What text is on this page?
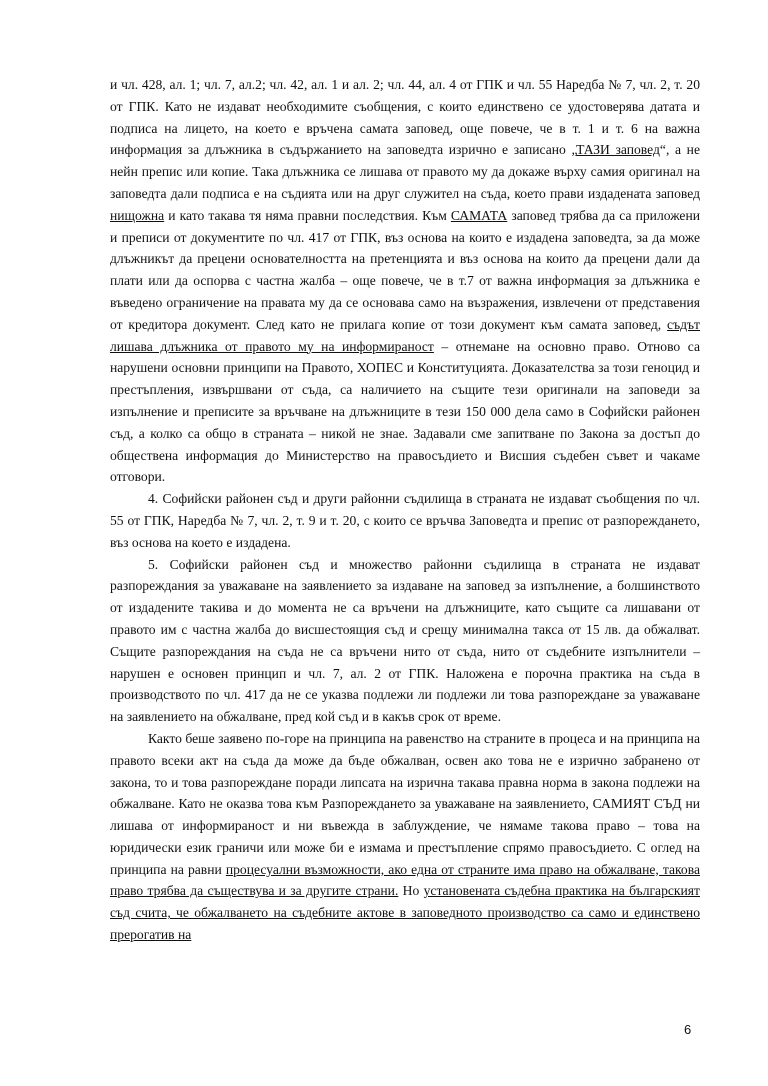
и чл. 428, ал. 1; чл. 7, ал.2; чл. 42, ал. 1 и ал. 2; чл. 44, ал. 4 от ГПК и чл. 55 Наредба № 7, чл. 2, т. 20 от ГПК. Като не издават необходимите съобщения, с които единствено се удостоверява датата и подписа на лицето, на което е връчена самата заповед, още повече, че в т. 1 и т. 6 на важна информация за длъжника в съдържанието на заповедта изрично е записано „ТАЗИ заповед“, а не нейн препис или копие. Така длъжника се лишава от правото му да докаже върху самия оригинал на заповедта дали подписа е на съдията или на друг служител на съда, което прави издадената заповед нищожна и като такава тя няма правни последствия. Към САМАТА заповед трябва да са приложени и преписи от документите по чл. 417 от ГПК, въз основа на които е издадена заповедта, за да може длъжникът да прецени основателността на претенцията и въз основа на които да прецени дали да плати или да оспорва с частна жалба – още повече, че в т.7 от важна информация за длъжника е въведено ограничение на правата му да се основава само на възражения, извлечени от представения от кредитора документ. След като не прилага копие от този документ към самата заповед, съдът лишава длъжника от правото му на информираност – отнемане на основно право. Отново са нарушени основни принципи на Правото, ХОПЕС и Конституцията. Доказателства за този геноцид и престъпления, извършвани от съда, са наличието на същите тези оригинали на заповеди за изпълнение и преписите за връчване на длъжниците в тези 150 000 дела само в Софийски районен съд, а колко са общо в страната – никой не знае. Задавали сме запитване по Закона за достъп до обществена информация до Министерство на правосъдието и Висшия съдебен съвет и чакаме отговори.

4. Софийски районен съд и други районни съдилища в страната не издават съобщения по чл. 55 от ГПК, Наредба № 7, чл. 2, т. 9 и т. 20, с които се връчва Заповедта и препис от разпореждането, въз основа на което е издадена.

5. Софийски районен съд и множество районни съдилища в страната не издават разпореждания за уважаване на заявлението за издаване на заповед за изпълнение, а болшинството от издадените такива и до момента не са връчени на длъжниците, като същите са лишавани от правото им с частна жалба до висшестоящия съд и срещу минимална такса от 15 лв. да обжалват. Същите разпореждания на съда не са връчени нито от съда, нито от съдебните изпълнители – нарушен е основен принцип и чл. 7, ал. 2 от ГПК. Наложена е порочна практика на съда в производството по чл. 417 да не се указва подлежи ли подлежи ли това разпореждане за уважаване на заявлението на обжалване, пред кой съд и в какъв срок от време.

Както беше заявено по-горе на принципа на равенство на страните в процеса и на принципа на правото всеки акт на съда да може да бъде обжалван, освен ако това не е изрично забранено от закона, то и това разпореждане поради липсата на изрична такава правна норма в закона подлежи на обжалване. Като не оказва това към Разпореждането за уважаване на заявлението, САМИЯТ СЪД ни лишава от информираност и ни въвежда в заблуждение, че нямаме такова право – това на юридически език граничи или може би е измама и престъпление спрямо правосъдието. С оглед на принципа на равни процесуални възможности, ако една от страните има право на обжалване, такова право трябва да съществува и за другите страни. Но установената съдебна практика на българският съд счита, че обжалването на съдебните актове в заповедното производство са само и единствено прерогатив на

6
